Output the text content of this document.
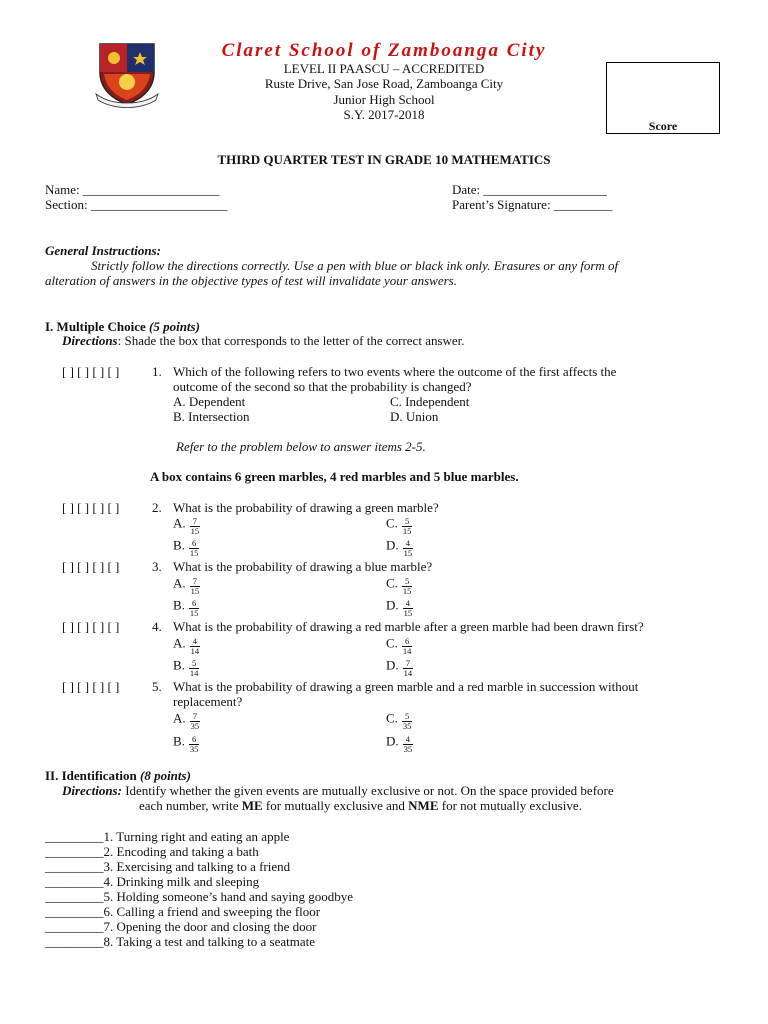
Claret School of Zamboanga City
LEVEL II PAASCU – ACCREDITED
Ruste Drive, San Jose Road, Zamboanga City
Junior High School
S.Y. 2017-2018
Score
THIRD QUARTER TEST IN GRADE 10 MATHEMATICS
Name: _____________________
Section: _____________________
Date: ___________________
Parent’s Signature: _________
General Instructions:
Strictly follow the directions correctly. Use a pen with blue or black ink only. Erasures or any form of
alteration of answers in the objective types of test will invalidate your answers.
I. Multiple Choice (5 points)
Directions: Shade the box that corresponds to the letter of the correct answer.
[ ] [ ] [ ] [ ]	1. Which of the following refers to two events where the outcome of the first affects the
outcome of the second so that the probability is changed?
A. Dependent	C. Independent
B. Intersection	D. Union
Refer to the problem below to answer items 2-5.
A box contains 6 green marbles, 4 red marbles and 5 blue marbles.
[ ] [ ] [ ] [ ]	2. What is the probability of drawing a green marble?
A. $\frac{7}{15}$	C. $\frac{5}{15}$
B. $\frac{6}{15}$	D. $\frac{4}{15}$
[ ] [ ] [ ] [ ]	3. What is the probability of drawing a blue marble?
A. $\frac{7}{15}$	C. $\frac{5}{15}$
B. $\frac{6}{15}$	D. $\frac{4}{15}$
[ ] [ ] [ ] [ ]	4. What is the probability of drawing a red marble after a green marble had been drawn first?
A. $\frac{4}{14}$	C. $\frac{6}{14}$
B. $\frac{5}{14}$	D. $\frac{7}{14}$
[ ] [ ] [ ] [ ]	5. What is the probability of drawing a green marble and a red marble in succession without
replacement?
A. $\frac{7}{35}$	C. $\frac{5}{35}$
B. $\frac{6}{35}$	D. $\frac{4}{35}$
II. Identification (8 points)
Directions: Identify whether the given events are mutually exclusive or not. On the space provided before
each number, write ME for mutually exclusive and NME for not mutually exclusive.
_________1. Turning right and eating an apple
_________2. Encoding and taking a bath
_________3. Exercising and talking to a friend
_________4. Drinking milk and sleeping
_________5. Holding someone’s hand and saying goodbye
_________6. Calling a friend and sweeping the floor
_________7. Opening the door and closing the door
_________8. Taking a test and talking to a seatmate
